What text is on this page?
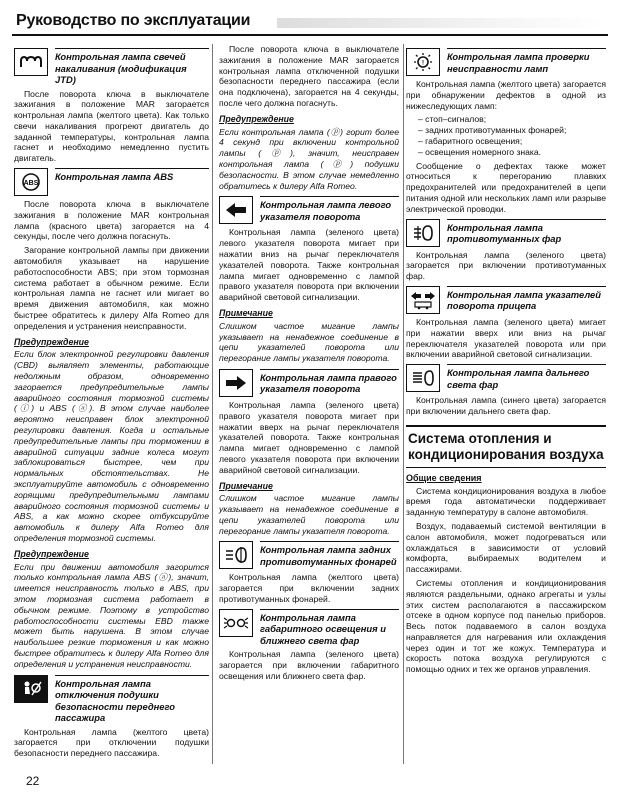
Руководство по эксплуатации
Контрольная лампа свечей накаливания (модификация JTD)

После поворота ключа в выключателе зажигания в положение MAR загорается контрольная лампа (желтого цвета). Как только свечи накаливания прогреют двигатель до заданной температуры, контрольная лампа гаснет и необходимо немедленно пустить двигатель.

ABS
Контрольная лампа ABS

После поворота ключа в выключателе зажигания в положение MAR контрольная лампа (красного цвета) загорается на 4 секунды, после чего должна погаснуть.

Загорание контрольной лампы при движении автомобиля указывает на нарушение работоспособности ABS; при этом тормозная система работает в обычном режиме. Если контрольная лампа не гаснет или мигает во время движения автомобиля, как можно быстрее обратитесь к дилеру Alfa Romeo для определения и устранения неисправности.

Предупреждение

Если блок электронной регулировки давления (CBD) выявляет элементы, работающие недолжным образом, одновременно загорается предупредительные лампы аварийного состояния тормозной системы (ⓘ) и ABS (ⓐ). В этом случае наиболее вероятно неисправен блок электронной регулировки давления. Когда и остальные предупредительные лампы при торможении в аварийной ситуации задние колеса могут заблокироваться быстрее, чем при нормальных обстоятельствах. Не эксплуатируйте автомобиль с одновременно горящими предупредительными лампами аварийного состояния тормозной системы и ABS, а как можно скорее отбуксируйте автомобиль к дилеру Alfa Romeo для определения тормозной системы.

Предупреждение

Если при движении автомобиля загорится только контрольная лампа ABS (ⓐ), значит, имеется неисправность только в ABS, при этом тормозная система работает в обычном режиме. Поэтому в устройство работоспособности системы EBD также может быть нарушена. В этом случае наибольшее резкие торможения и как можно быстрее обратитесь к дилеру Alfa Romeo для определения и устранения неисправности.

Контрольная лампа отключения подушки безопасности переднего пассажира

Контрольная лампа (желтого цвета) загорается при отключении подушки безопасности переднего пассажира.

После поворота ключа в выключателе зажигания в положение MAR загорается контрольная лампа отключенной подушки безопасности переднего пассажира (если она подключена), загорается на 4 секунды, после чего должна погаснуть.

Предупреждение

Если контрольная лампа (ⓟ) горит более 4 секунд при включении контрольной лампы (ⓟ), значит, неисправен контрольная лампа (ⓟ) подушки безопасности. В этом случае немедленно обратитесь к дилеру Alfa Romeo.

Контрольная лампа левого указателя поворота

Контрольная лампа (зеленого цвета) левого указателя поворота мигает при нажатии вниз на рычаг переключателя указателей поворота. Также контрольная лампа мигает одновременно с лампой правого указателя поворота при включении аварийной световой сигнализации.

Примечание

Слишком частое мигание лампы указывает на ненадежное соединение в цепи указателей поворота или перегорание лампы указателя поворота.

Контрольная лампа правого указателя поворота

Контрольная лампа (зеленого цвета) правого указателя поворота мигает при нажатии вверх на рычаг переключателя указателей поворота. Также контрольная лампа мигает одновременно с лампой левого указателя поворота при включении аварийной световой сигнализации.

Примечание

Слишком частое мигание лампы указывает на ненадежное соединение в цепи указателей поворота или перегорание лампы указателя поворота.

Контрольная лампа задних противотуманных фонарей

Контрольная лампа (желтого цвета) загорается при включении задних противотуманных фонарей.

Контрольная лампа габаритного освещения и ближнего света фар

Контрольная лампа (зеленого цвета) загорается при включении габаритного освещения или ближнего света фар.

!
Контрольная лампа проверки неисправности ламп

Контрольная лампа (желтого цвета) загорается при обнаружении дефектов в одной из нижеследующих ламп:

– стоп–сигналов;
– задних противотуманных фонарей;
– габаритного освещения;
– освещения номерного знака.

Сообщение о дефектах также может относиться к перегоранию плавких предохранителей или предохранителей в цепи питания одной или нескольких ламп или разрыве электрической проводки.

Контрольная лампа противотуманных фар

Контрольная лампа (зеленого цвета) загорается при включении противотуманных фар.

Контрольная лампа указателей поворота прицепа

Контрольная лампа (зеленого цвета) мигает при нажатии вверх или вниз на рычаг переключателя указателей поворота или при включении аварийной световой сигнализации.

Контрольная лампа дальнего света фар

Контрольная лампа (синего цвета) загорается при включении дальнего света фар.

Система отопления и кондиционирования воздуха
Общие сведения

Система кондиционирования воздуха в любое время года автоматически поддерживает заданную температуру в салоне автомобиля.

Воздух, подаваемый системой вентиляции в салон автомобиля, может подогреваться или охлаждаться в зависимости от условий комфорта, выбираемых водителем и пассажирами.

Системы отопления и кондиционирования являются раздельными, однако агрегаты и узлы этих систем располагаются в пассажирском отсеке в одном корпусе под панелью приборов. Весь поток подаваемого в салон воздуха направляется для нагревания или охлаждения через один и тот же кожух. Температура и скорость потока воздуха регулируются с помощью одних и тех же органов управления.

22
